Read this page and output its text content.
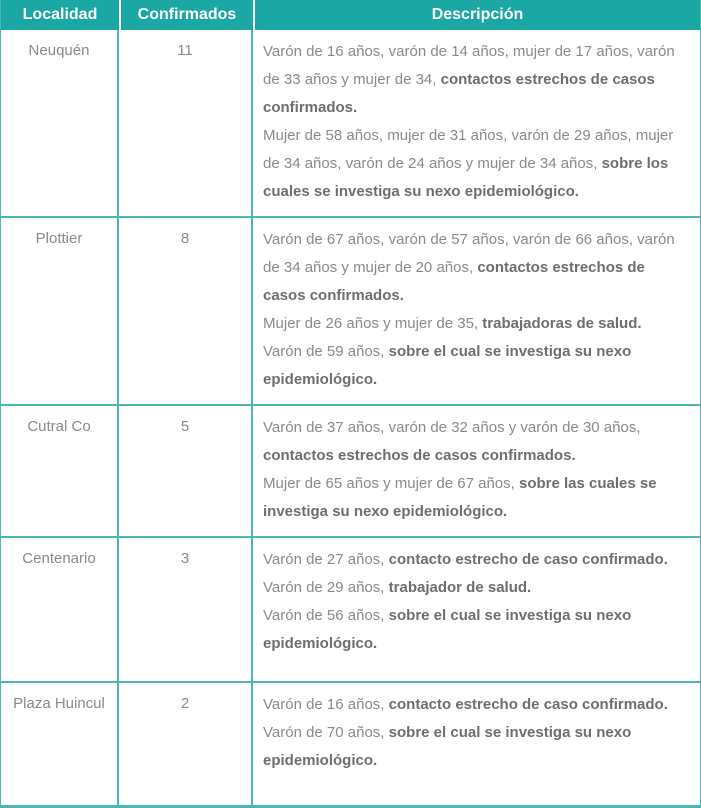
Localidad	Confirmados	Descripción
Neuquén	11	Varón de 16 años, varón de 14 años, mujer de 17 años, varón de 33 años y mujer de 34, contactos estrechos de casos confirmados.

Mujer de 58 años, mujer de 31 años, varón de 29 años, mujer de 34 años, varón de 24 años y mujer de 34 años, sobre los cuales se investiga su nexo epidemiológico.

Plottier	8	Varón de 67 años, varón de 57 años, varón de 66 años, varón de 34 años y mujer de 20 años, contactos estrechos de casos confirmados.

Mujer de 26 años y mujer de 35, trabajadoras de salud.

Varón de 59 años, sobre el cual se investiga su nexo epidemiológico.

Cutral Co	5	Varón de 37 años, varón de 32 años y varón de 30 años, contactos estrechos de casos confirmados.

Mujer de 65 años y mujer de 67 años, sobre las cuales se investiga su nexo epidemiológico.

Centenario	3	Varón de 27 años, contacto estrecho de caso confirmado.

Varón de 29 años, trabajador de salud.

Varón de 56 años, sobre el cual se investiga su nexo epidemiológico.

Plaza Huincul	2	Varón de 16 años, contacto estrecho de caso confirmado.

Varón de 70 años, sobre el cual se investiga su nexo epidemiológico.
